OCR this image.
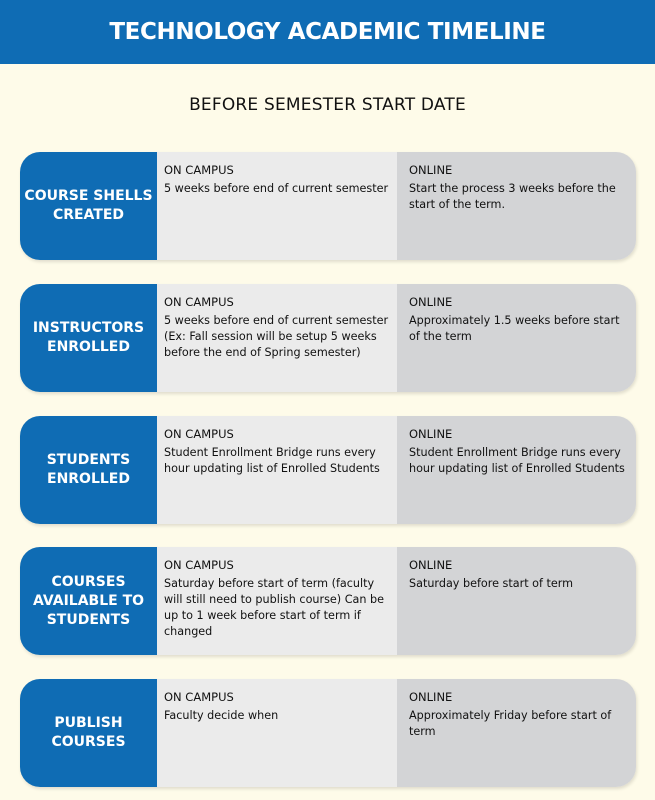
TECHNOLOGY ACADEMIC TIMELINE
BEFORE SEMESTER START DATE
COURSE SHELLS CREATED
ON CAMPUS
5 weeks before end of current semester
ONLINE
Start the process 3 weeks before the start of the term.
INSTRUCTORS ENROLLED
ON CAMPUS
5 weeks before end of current semester (Ex: Fall session will be setup 5 weeks before the end of Spring semester)
ONLINE
Approximately 1.5 weeks before start of the term
STUDENTS ENROLLED
ON CAMPUS
Student Enrollment Bridge runs every hour updating list of Enrolled Students
ONLINE
Student Enrollment Bridge runs every hour updating list of Enrolled Students
COURSES AVAILABLE TO STUDENTS
ON CAMPUS
Saturday before start of term (faculty will still need to publish course) Can be up to 1 week before start of term if changed
ONLINE
Saturday before start of term
PUBLISH COURSES
ON CAMPUS
Faculty decide when
ONLINE
Approximately Friday before start of term
